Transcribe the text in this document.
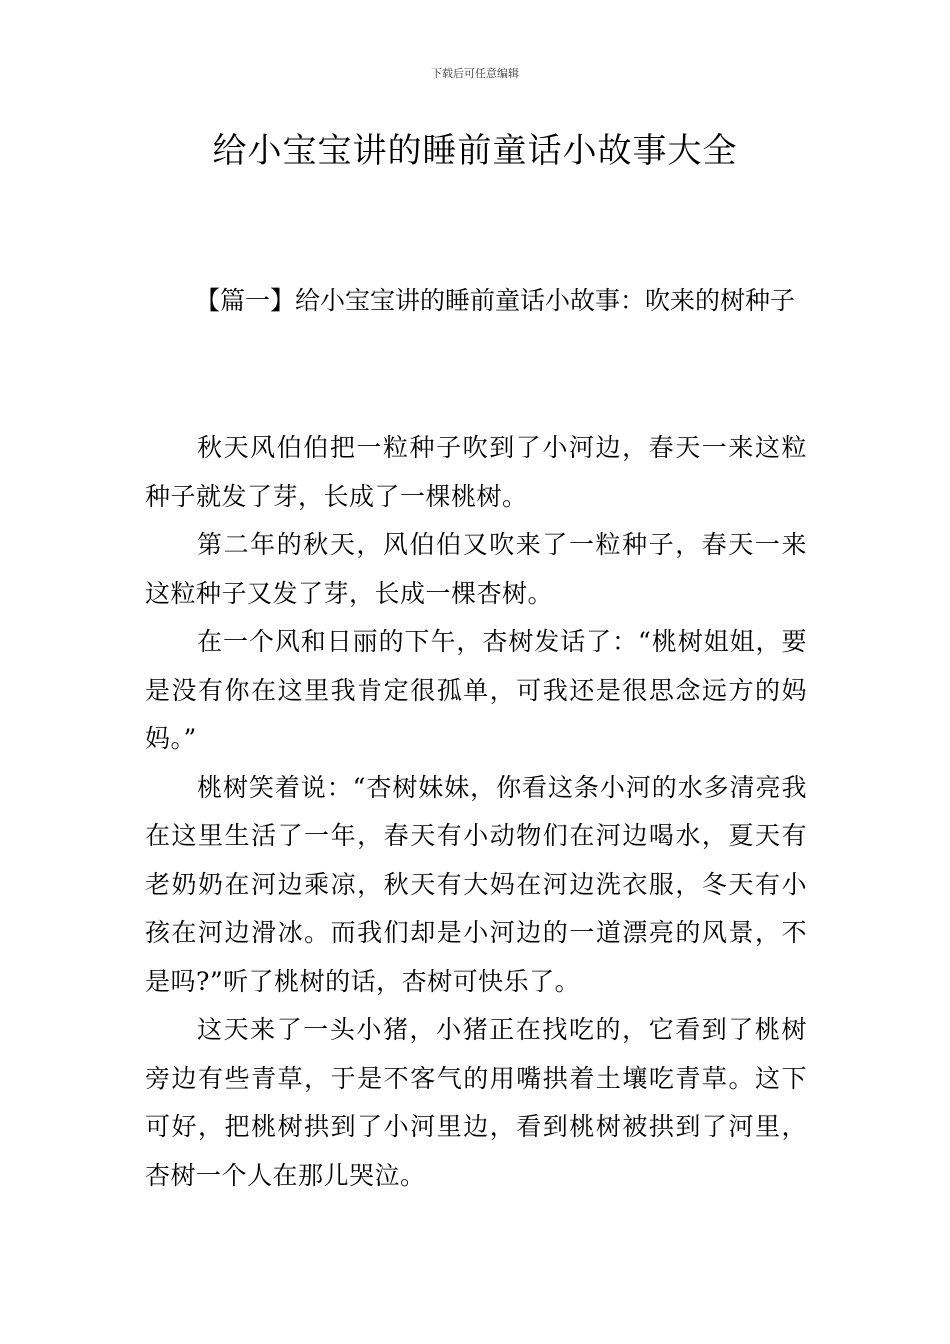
下载后可任意编辑
给小宝宝讲的睡前童话小故事大全
【篇一】给小宝宝讲的睡前童话小故事：吹来的树种子

秋天风伯伯把一粒种子吹到了小河边，春天一来这粒种子就发了芽，长成了一棵桃树。

第二年的秋天，风伯伯又吹来了一粒种子，春天一来这粒种子又发了芽，长成一棵杏树。

在一个风和日丽的下午，杏树发话了：“桃树姐姐，要是没有你在这里我肯定很孤单，可我还是很思念远方的妈妈。”

桃树笑着说：“杏树妹妹，你看这条小河的水多清亮我在这里生活了一年，春天有小动物们在河边喝水，夏天有老奶奶在河边乘凉，秋天有大妈在河边洗衣服，冬天有小孩在河边滑冰。而我们却是小河边的一道漂亮的风景，不是吗?”听了桃树的话，杏树可快乐了。

这天来了一头小猪，小猪正在找吃的，它看到了桃树旁边有些青草，于是不客气的用嘴拱着土壤吃青草。这下可好，把桃树拱到了小河里边，看到桃树被拱到了河里，杏树一个人在那儿哭泣。
